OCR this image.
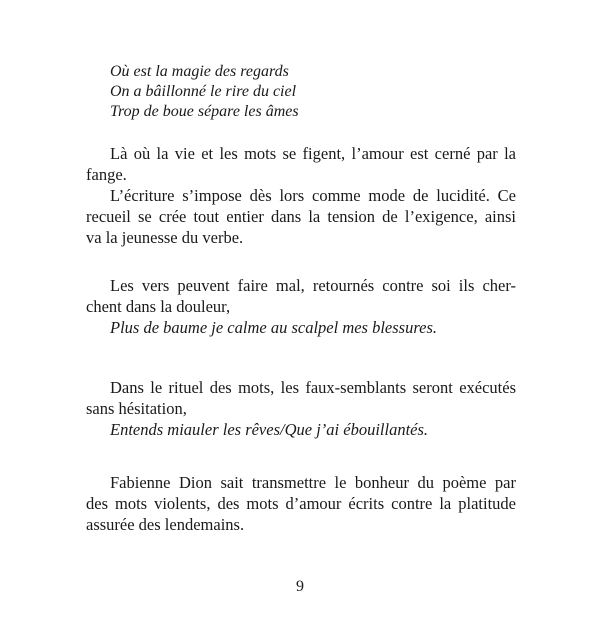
Où est la magie des regards
On a bâillonné le rire du ciel
Trop de boue sépare les âmes
Là où la vie et les mots se figent, l’amour est cerné par la
fange.
L’écriture s’impose dès lors comme mode de lucidité. Ce
recueil se crée tout entier dans la tension de l’exigence, ainsi
va la jeunesse du verbe.
Les vers peuvent faire mal, retournés contre soi ils cher-
chent dans la douleur,
Plus de baume je calme au scalpel mes blessures.
Dans le rituel des mots, les faux-semblants seront exécutés
sans hésitation,
Entends miauler les rêves/Que j’ai ébouillantés.
Fabienne Dion sait transmettre le bonheur du poème par
des mots violents, des mots d’amour écrits contre la platitude
assurée des lendemains.
9
